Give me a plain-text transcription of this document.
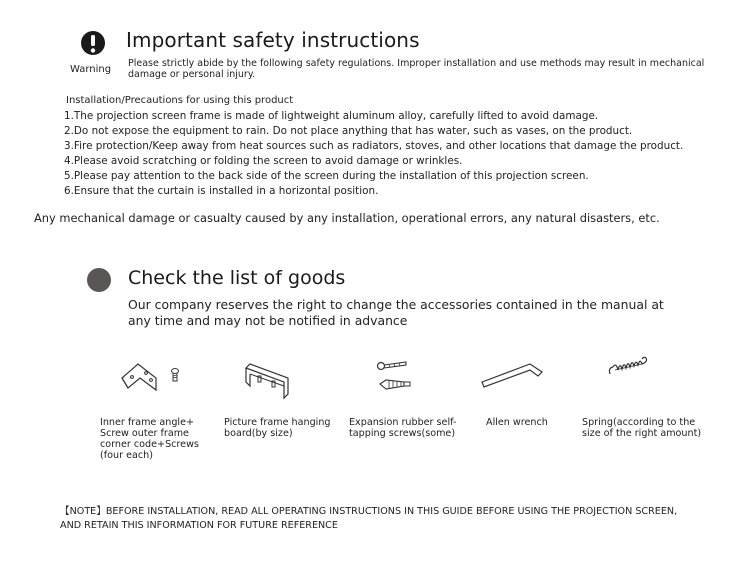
Warning
Important safety instructions
Please strictly abide by the following safety regulations. Improper installation and use methods may result in mechanical damage or personal injury.
Installation/Precautions for using this product
1.The projection screen frame is made of lightweight aluminum alloy, carefully lifted to avoid damage.
2.Do not expose the equipment to rain. Do not place anything that has water, such as vases, on the product.
3.Fire protection/Keep away from heat sources such as radiators, stoves, and other locations that damage the product.
4.Please avoid scratching or folding the screen to avoid damage or wrinkles.
5.Please pay attention to the back side of the screen during the installation of this projection screen.
6.Ensure that the curtain is installed in a horizontal position.
Any mechanical damage or casualty caused by any installation, operational errors, any natural disasters, etc.
Check the list of goods
Our company reserves the right to change the accessories contained in the manual at any time and may not be notified in advance
Inner frame angle+ Screw outer frame corner code+Screws (four each)
Picture frame hanging board(by size)
Expansion rubber self-tapping screws(some)
Allen wrench	Spring(according to the size of the right amount)
【NOTE】BEFORE INSTALLATION, READ ALL OPERATING INSTRUCTIONS IN THIS GUIDE BEFORE USING THE PROJECTION SCREEN,
AND RETAIN THIS INFORMATION FOR FUTURE REFERENCE
